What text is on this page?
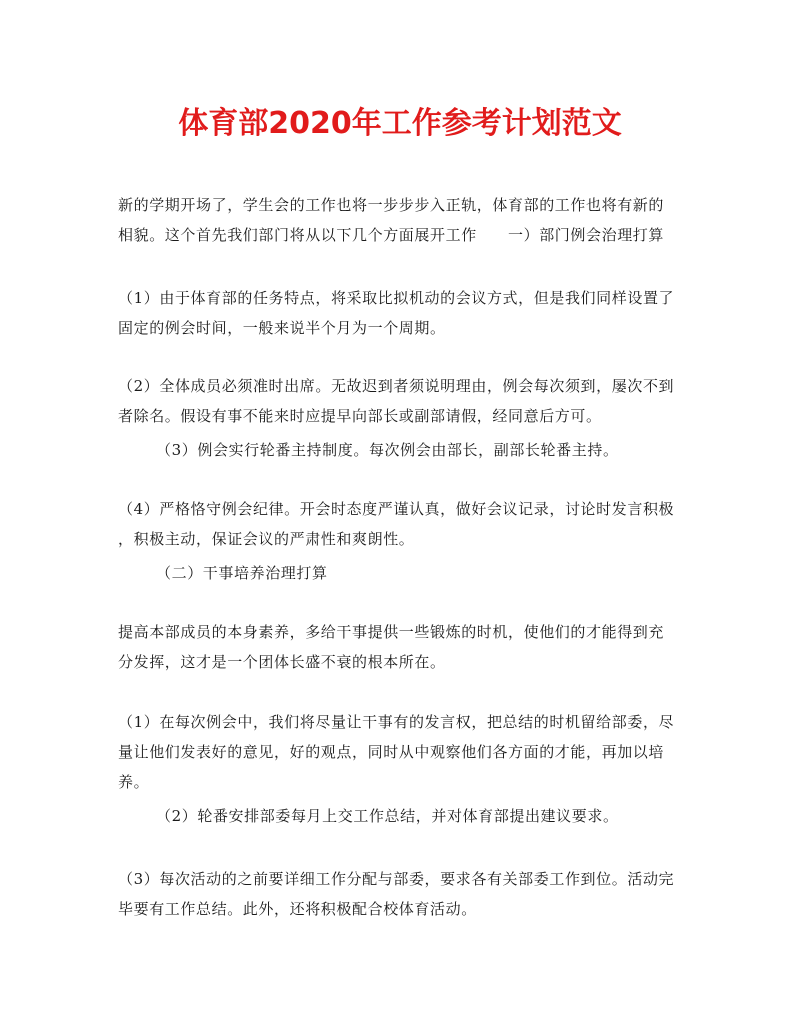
体育部2020年工作参考计划范文

新的学期开场了，学生会的工作也将一步步步入正轨，体育部的工作也将有新的
相貌。这个首先我们部门将从以下几个方面展开工作　　一）部门例会治理打算

（1）由于体育部的任务特点，将采取比拟机动的会议方式，但是我们同样设置了
固定的例会时间，一般来说半个月为一个周期。

（2）全体成员必须准时出席。无故迟到者须说明理由，例会每次须到，屡次不到
者除名。假设有事不能来时应提早向部长或副部请假，经同意后方可。

（3）例会实行轮番主持制度。每次例会由部长，副部长轮番主持。

（4）严格恪守例会纪律。开会时态度严谨认真，做好会议记录，讨论时发言积极
，积极主动，保证会议的严肃性和爽朗性。

（二）干事培养治理打算

提高本部成员的本身素养，多给干事提供一些锻炼的时机，使他们的才能得到充
分发挥，这才是一个团体长盛不衰的根本所在。

（1）在每次例会中，我们将尽量让干事有的发言权，把总结的时机留给部委，尽
量让他们发表好的意见，好的观点，同时从中观察他们各方面的才能，再加以培
养。

（2）轮番安排部委每月上交工作总结，并对体育部提出建议要求。

（3）每次活动的之前要详细工作分配与部委，要求各有关部委工作到位。活动完
毕要有工作总结。此外，还将积极配合校体育活动。
